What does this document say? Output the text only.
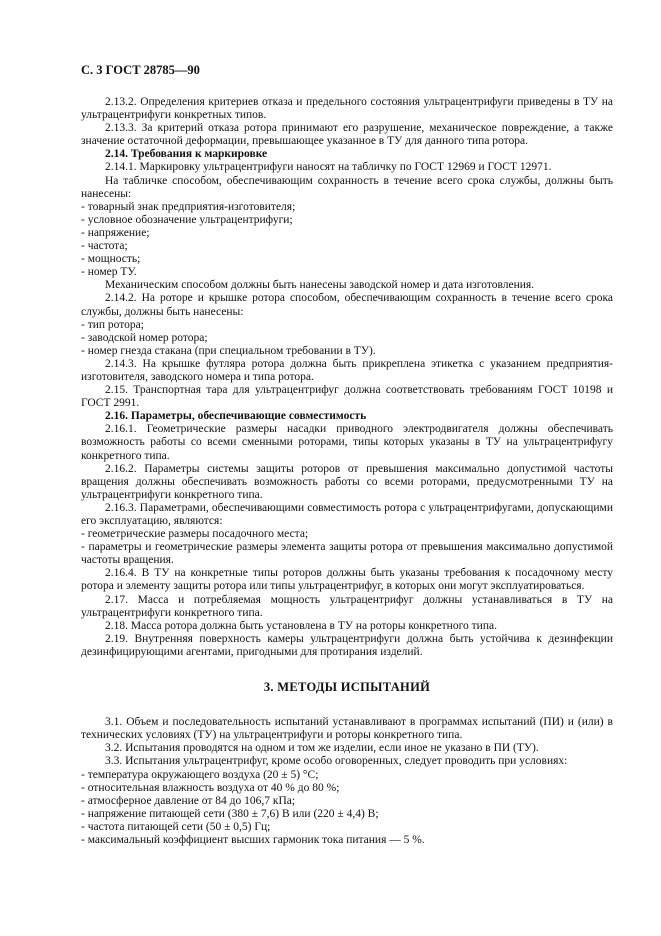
С. 3 ГОСТ 28785—90

2.13.2. Определения критериев отказа и предельного состояния ультрацентрифуги приведены в ТУ на ультрацентрифуги конкретных типов.

2.13.3. За критерий отказа ротора принимают его разрушение, механическое повреждение, а также значение остаточной деформации, превышающее указанное в ТУ для данного типа ротора.

2.14. Требования к маркировке

2.14.1. Маркировку ультрацентрифуги наносят на табличку по ГОСТ 12969 и ГОСТ 12971.

На табличке способом, обеспечивающим сохранность в течение всего срока службы, должны быть нанесены:

- товарный знак предприятия-изготовителя;

- условное обозначение ультрацентрифуги;

- напряжение;

- частота;

- мощность;

- номер ТУ.

Механическим способом должны быть нанесены заводской номер и дата изготовления.

2.14.2. На роторе и крышке ротора способом, обеспечивающим сохранность в течение всего срока службы, должны быть нанесены:

- тип ротора;

- заводской номер ротора;

- номер гнезда стакана (при специальном требовании в ТУ).

2.14.3. На крышке футляра ротора должна быть прикреплена этикетка с указанием предприятия-изготовителя, заводского номера и типа ротора.

2.15. Транспортная тара для ультрацентрифуг должна соответствовать требованиям ГОСТ 10198 и ГОСТ 2991.

2.16. Параметры, обеспечивающие совместимость

2.16.1. Геометрические размеры насадки приводного электродвигателя должны обеспечивать возможность работы со всеми сменными роторами, типы которых указаны в ТУ на ультрацентрифугу конкретного типа.

2.16.2. Параметры системы защиты роторов от превышения максимально допустимой частоты вращения должны обеспечивать возможность работы со всеми роторами, предусмотренными ТУ на ультрацентрифуги конкретного типа.

2.16.3. Параметрами, обеспечивающими совместимость ротора с ультрацентрифугами, допускающими его эксплуатацию, являются:

- геометрические размеры посадочного места;

- параметры и геометрические размеры элемента защиты ротора от превышения максимально допустимой частоты вращения.

2.16.4. В ТУ на конкретные типы роторов должны быть указаны требования к посадочному месту ротора и элементу защиты ротора или типы ультрацентрифуг, в которых они могут эксплуатироваться.

2.17. Масса и потребляемая мощность ультрацентрифуг должны устанавливаться в ТУ на ультрацентрифуги конкретного типа.

2.18. Масса ротора должна быть установлена в ТУ на роторы конкретного типа.

2.19. Внутренняя поверхность камеры ультрацентрифуги должна быть устойчива к дезинфекции дезинфицирующими агентами, пригодными для протирания изделий.

3. МЕТОДЫ ИСПЫТАНИЙ

3.1. Объем и последовательность испытаний устанавливают в программах испытаний (ПИ) и (или) в технических условиях (ТУ) на ультрацентрифуги и роторы конкретного типа.

3.2. Испытания проводятся на одном и том же изделии, если иное не указано в ПИ (ТУ).

3.3. Испытания ультрацентрифуг, кроме особо оговоренных, следует проводить при условиях:

- температура окружающего воздуха (20 ± 5) °С;

- относительная влажность воздуха от 40 % до 80 %;

- атмосферное давление от 84 до 106,7 кПа;

- напряжение питающей сети (380 ± 7,6) В или (220 ± 4,4) В;

- частота питающей сети (50 ± 0,5) Гц;

- максимальный коэффициент высших гармоник тока питания — 5 %.
